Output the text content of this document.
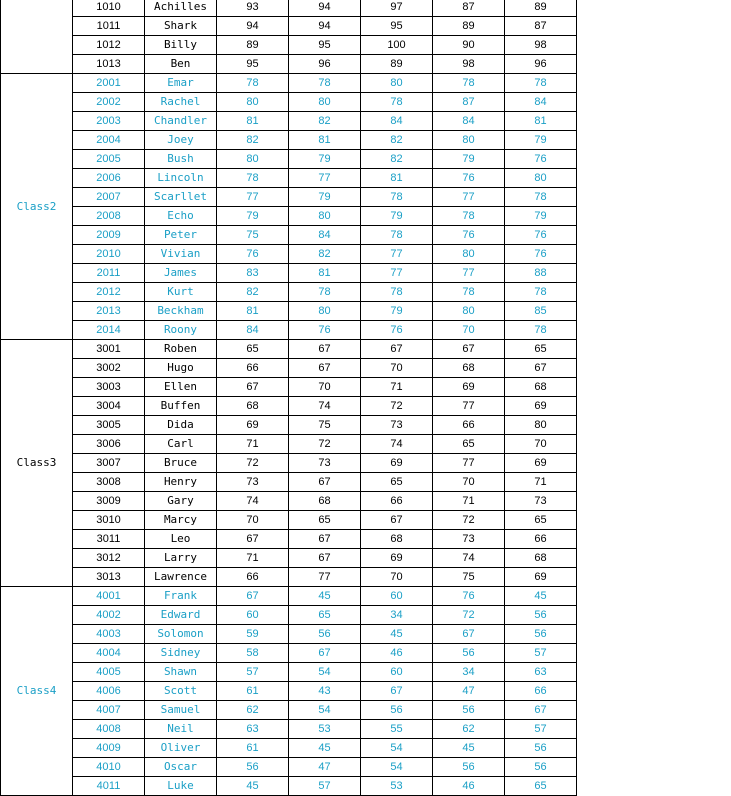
	1010	Achilles	93	94	97	87	89
	1011	Shark	94	94	95	89	87
	1012	Billy	89	95	100	90	98
	1013	Ben	95	96	89	98	96
Class2	2001	Emar	78	78	80	78	78
	2002	Rachel	80	80	78	87	84
	2003	Chandler	81	82	84	84	81
	2004	Joey	82	81	82	80	79
	2005	Bush	80	79	82	79	76
	2006	Lincoln	78	77	81	76	80
	2007	Scarllet	77	79	78	77	78
	2008	Echo	79	80	79	78	79
	2009	Peter	75	84	78	76	76
	2010	Vivian	76	82	77	80	76
	2011	James	83	81	77	77	88
	2012	Kurt	82	78	78	78	78
	2013	Beckham	81	80	79	80	85
	2014	Roony	84	76	76	70	78
Class3	3001	Roben	65	67	67	67	65
	3002	Hugo	66	67	70	68	67
	3003	Ellen	67	70	71	69	68
	3004	Buffen	68	74	72	77	69
	3005	Dida	69	75	73	66	80
	3006	Carl	71	72	74	65	70
	3007	Bruce	72	73	69	77	69
	3008	Henry	73	67	65	70	71
	3009	Gary	74	68	66	71	73
	3010	Marcy	70	65	67	72	65
	3011	Leo	67	67	68	73	66
	3012	Larry	71	67	69	74	68
	3013	Lawrence	66	77	70	75	69
Class4	4001	Frank	67	45	60	76	45
	4002	Edward	60	65	34	72	56
	4003	Solomon	59	56	45	67	56
	4004	Sidney	58	67	46	56	57
	4005	Shawn	57	54	60	34	63
	4006	Scott	61	43	67	47	66
	4007	Samuel	62	54	56	56	67
	4008	Neil	63	53	55	62	57
	4009	Oliver	61	45	54	45	56
	4010	Oscar	56	47	54	56	56
	4011	Luke	45	57	53	46	65
